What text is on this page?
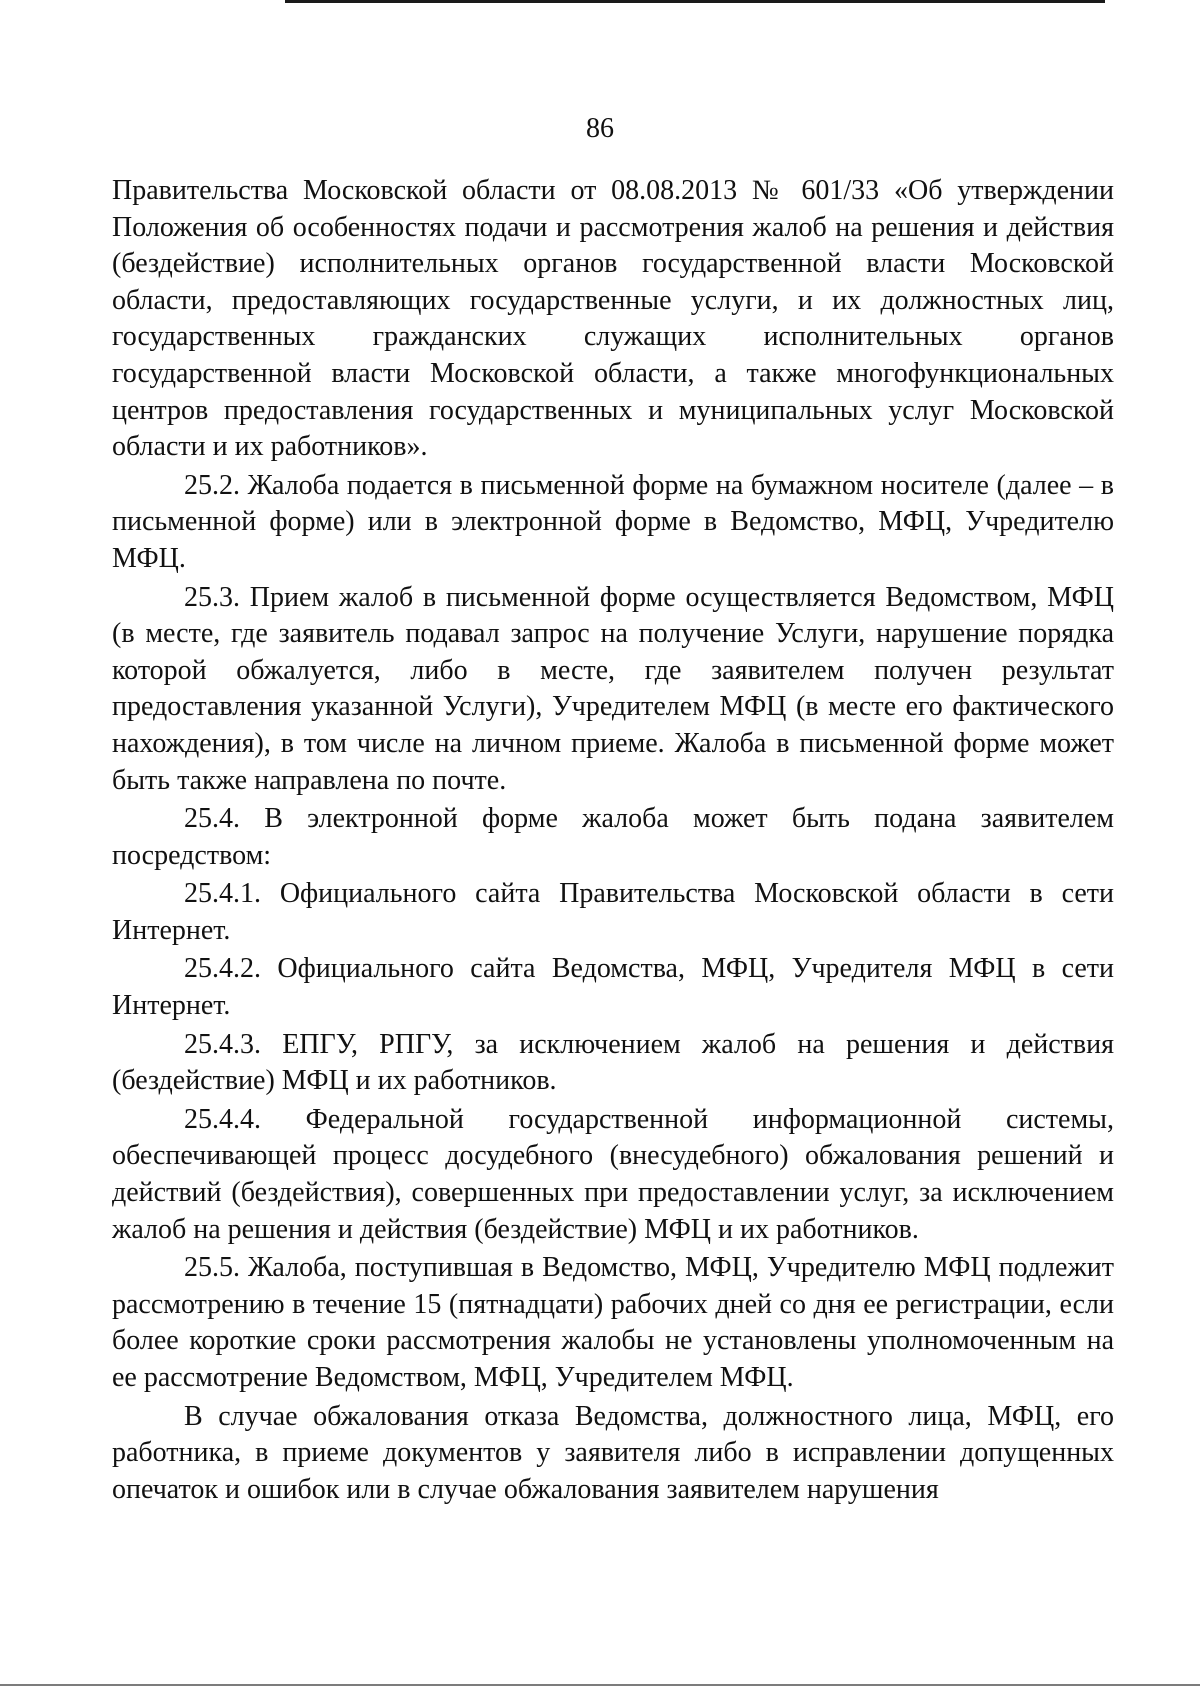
86

Правительства Московской области от 08.08.2013 № 601/33 «Об утверждении Положения об особенностях подачи и рассмотрения жалоб на решения и действия (бездействие) исполнительных органов государственной власти Московской области, предоставляющих государственные услуги, и их должностных лиц, государственных гражданских служащих исполнительных органов государственной власти Московской области, а также многофункциональных центров предоставления государственных и муниципальных услуг Московской области и их работников».

25.2. Жалоба подается в письменной форме на бумажном носителе (далее – в письменной форме) или в электронной форме в Ведомство, МФЦ, Учредителю МФЦ.

25.3. Прием жалоб в письменной форме осуществляется Ведомством, МФЦ (в месте, где заявитель подавал запрос на получение Услуги, нарушение порядка которой обжалуется, либо в месте, где заявителем получен результат предоставления указанной Услуги), Учредителем МФЦ (в месте его фактического нахождения), в том числе на личном приеме. Жалоба в письменной форме может быть также направлена по почте.

25.4. В электронной форме жалоба может быть подана заявителем посредством:

25.4.1. Официального сайта Правительства Московской области в сети Интернет.

25.4.2. Официального сайта Ведомства, МФЦ, Учредителя МФЦ в сети Интернет.

25.4.3. ЕПГУ, РПГУ, за исключением жалоб на решения и действия (бездействие) МФЦ и их работников.

25.4.4. Федеральной государственной информационной системы, обеспечивающей процесс досудебного (внесудебного) обжалования решений и действий (бездействия), совершенных при предоставлении услуг, за исключением жалоб на решения и действия (бездействие) МФЦ и их работников.

25.5. Жалоба, поступившая в Ведомство, МФЦ, Учредителю МФЦ подлежит рассмотрению в течение 15 (пятнадцати) рабочих дней со дня ее регистрации, если более короткие сроки рассмотрения жалобы не установлены уполномоченным на ее рассмотрение Ведомством, МФЦ, Учредителем МФЦ.

В случае обжалования отказа Ведомства, должностного лица, МФЦ, его работника, в приеме документов у заявителя либо в исправлении допущенных опечаток и ошибок или в случае обжалования заявителем нарушения
